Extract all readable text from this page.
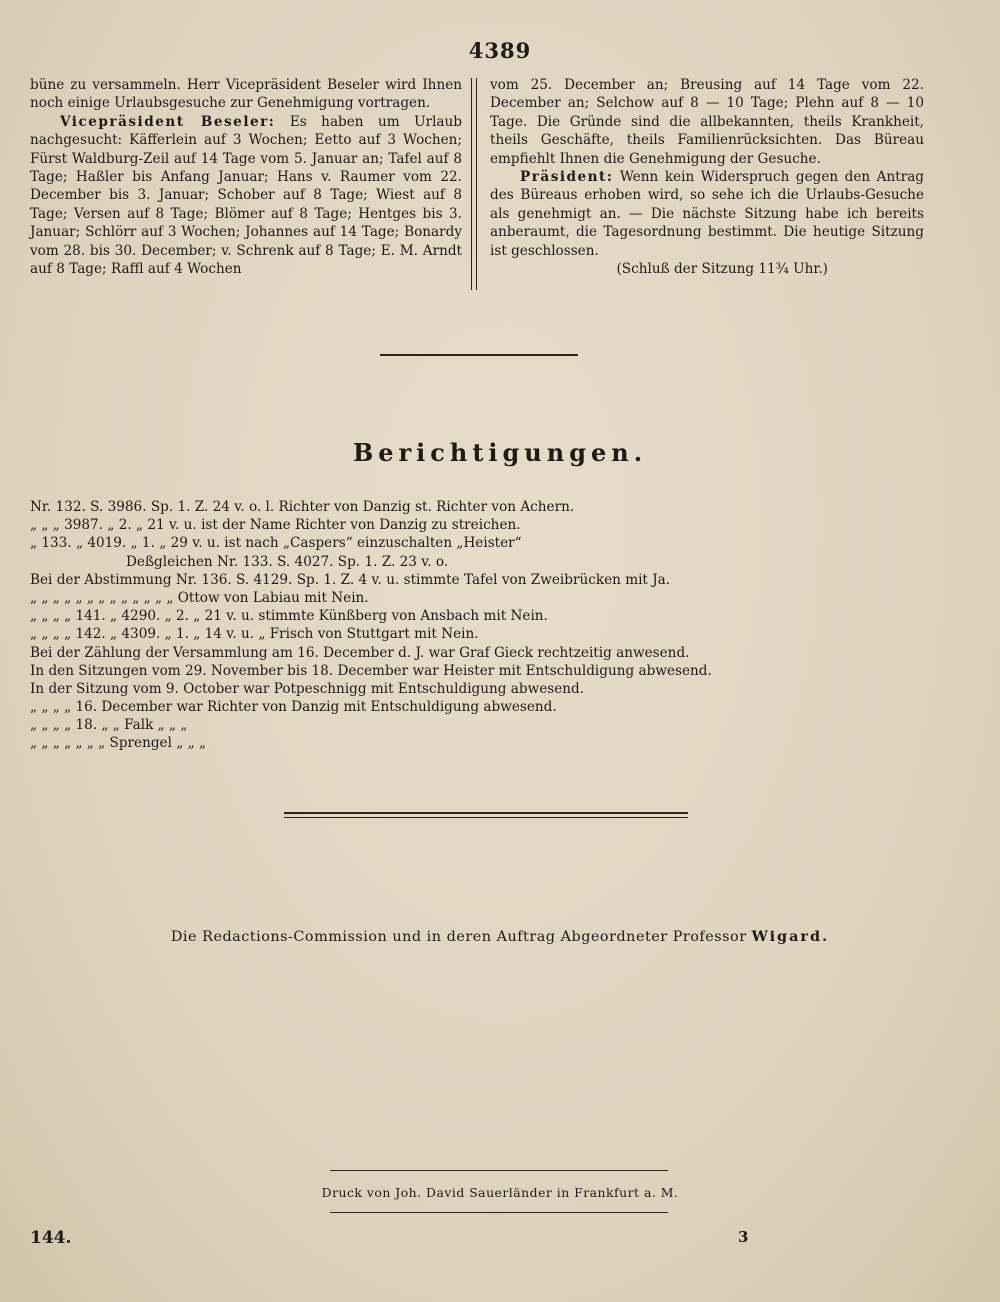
4389

büne zu versammeln. Herr Vicepräsident Beseler wird Ihnen noch einige Urlaubsgesuche zur Genehmigung vortragen.

Vicepräsident Beseler: Es haben um Urlaub nachgesucht: Käfferlein auf 3 Wochen; Eetto auf 3 Wochen; Fürst Waldburg-Zeil auf 14 Tage vom 5. Januar an; Tafel auf 8 Tage; Haßler bis Anfang Januar; Hans v. Raumer vom 22. December bis 3. Januar; Schober auf 8 Tage; Wiest auf 8 Tage; Versen auf 8 Tage; Blömer auf 8 Tage; Hentges bis 3. Januar; Schlörr auf 3 Wochen; Johannes auf 14 Tage; Bonardy vom 28. bis 30. December; v. Schrenk auf 8 Tage; E. M. Arndt auf 8 Tage; Raffl auf 4 Wochen

vom 25. December an; Breusing auf 14 Tage vom 22. December an; Selchow auf 8 — 10 Tage; Plehn auf 8 — 10 Tage. Die Gründe sind die allbekannten, theils Krankheit, theils Geschäfte, theils Familienrücksichten. Das Büreau empfiehlt Ihnen die Genehmigung der Gesuche.

Präsident: Wenn kein Widerspruch gegen den Antrag des Büreaus erhoben wird, so sehe ich die Urlaubs-Gesuche als genehmigt an. — Die nächste Sitzung habe ich bereits anberaumt, die Tagesordnung bestimmt. Die heutige Sitzung ist geschlossen.

(Schluß der Sitzung 11¾ Uhr.)

Berichtigungen.
Nr. 132. S. 3986. Sp. 1. Z. 24 v. o. l. Richter von Danzig st. Richter von Achern.
„ „ „ 3987. „ 2. „ 21 v. u. ist der Name Richter von Danzig zu streichen.
„ 133. „ 4019. „ 1. „ 29 v. u. ist nach „Caspers“ einzuschalten „Heister“
Deßgleichen Nr. 133. S. 4027. Sp. 1. Z. 23 v. o.
Bei der Abstimmung Nr. 136. S. 4129. Sp. 1. Z. 4 v. u. stimmte Tafel von Zweibrücken mit Ja.
„ „ „ „ „ „ „ „ „ „ „ „ „ Ottow von Labiau mit Nein.
„ „ „ „ 141. „ 4290. „ 2. „ 21 v. u. stimmte Künßberg von Ansbach mit Nein.
„ „ „ „ 142. „ 4309. „ 1. „ 14 v. u. „ Frisch von Stuttgart mit Nein.
Bei der Zählung der Versammlung am 16. December d. J. war Graf Gieck rechtzeitig anwesend.
In den Sitzungen vom 29. November bis 18. December war Heister mit Entschuldigung abwesend.
In der Sitzung vom 9. October war Potpeschnigg mit Entschuldigung abwesend.
„ „ „ „ 16. December war Richter von Danzig mit Entschuldigung abwesend.
„ „ „ „ 18. „ „ Falk „ „ „
„ „ „ „ „ „ „ Sprengel „ „ „
Die Redactions-Commission und in deren Auftrag Abgeordneter Professor Wigard.
Druck von Joh. David Sauerländer in Frankfurt a. M.
144.	3
